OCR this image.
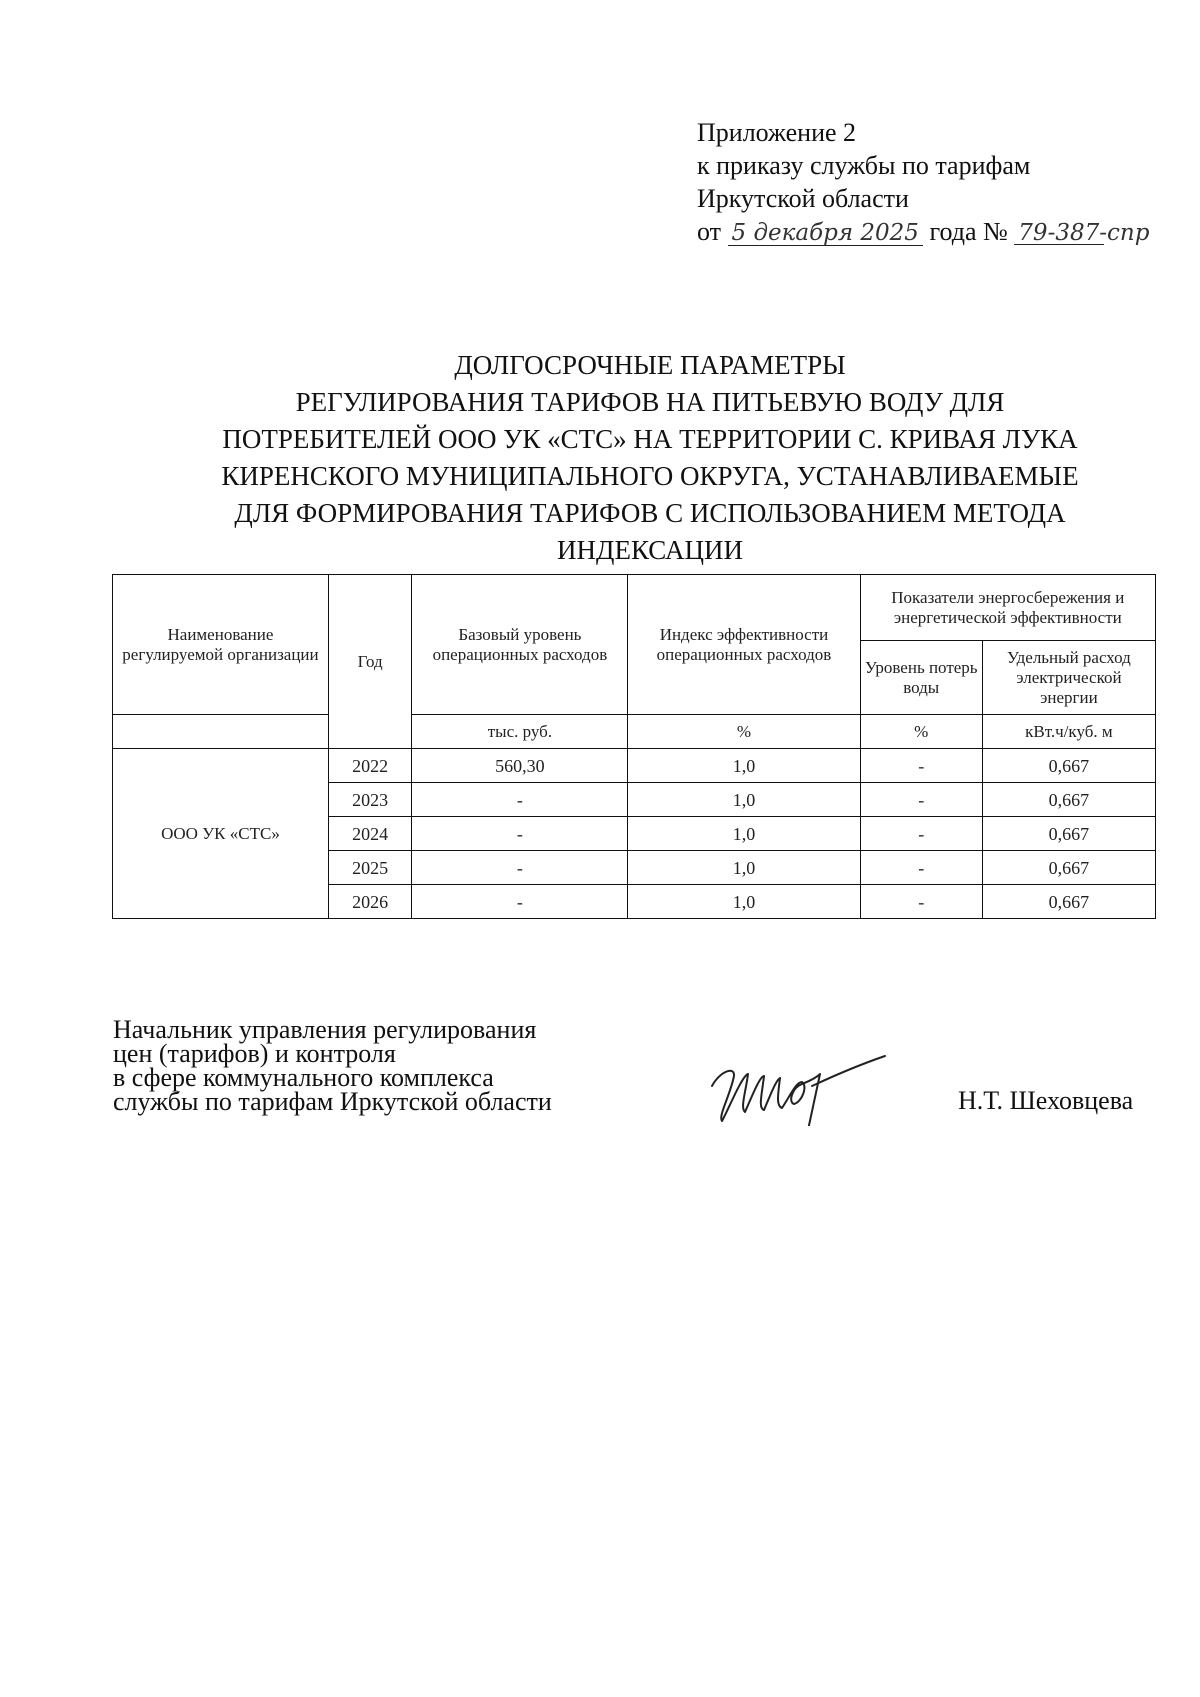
Приложение 2
к приказу службы по тарифам
Иркутской области
от 5 декабря 2025 года № 79-387-спр
ДОЛГОСРОЧНЫЕ ПАРАМЕТРЫ
РЕГУЛИРОВАНИЯ ТАРИФОВ НА ПИТЬЕВУЮ ВОДУ ДЛЯ
ПОТРЕБИТЕЛЕЙ ООО УК «СТС» НА ТЕРРИТОРИИ С. КРИВАЯ ЛУКА
КИРЕНСКОГО МУНИЦИПАЛЬНОГО ОКРУГА, УСТАНАВЛИВАЕМЫЕ
ДЛЯ ФОРМИРОВАНИЯ ТАРИФОВ С ИСПОЛЬЗОВАНИЕМ МЕТОДА
ИНДЕКСАЦИИ
Наименование регулируемой организации	Год	Базовый уровень операционных расходов	Индекс эффективности операционных расходов	Показатели энергосбережения и энергетической эффективности	
				Уровень потерь воды	Удельный расход электрической энергии
		тыс. руб.	%	%	кВт.ч/куб. м
ООО УК «СТС»	2022	560,30	1,0	-	0,667
	2023	-	1,0	-	0,667
	2024	-	1,0	-	0,667
	2025	-	1,0	-	0,667
	2026	-	1,0	-	0,667
Начальник управления регулирования
цен (тарифов) и контроля
в сфере коммунального комплекса
службы по тарифам Иркутской области	Н.Т. Шеховцева
